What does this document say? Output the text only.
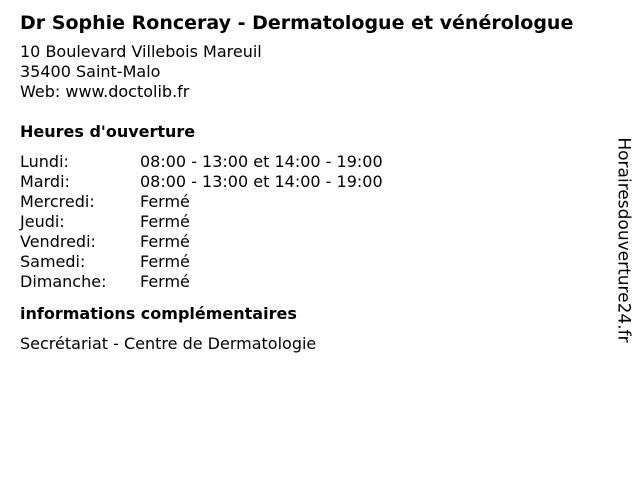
Dr Sophie Ronceray - Dermatologue et vénérologue
10 Boulevard Villebois Mareuil
35400 Saint-Malo
Web: www.doctolib.fr
Heures d'ouverture
Lundi:	08:00 - 13:00 et 14:00 - 19:00
Mardi:	08:00 - 13:00 et 14:00 - 19:00
Mercredi:	Fermé
Jeudi:	Fermé
Vendredi:	Fermé
Samedi:	Fermé
Dimanche:	Fermé
informations complémentaires
Secrétariat - Centre de Dermatologie
Horairesdouverture24.fr
